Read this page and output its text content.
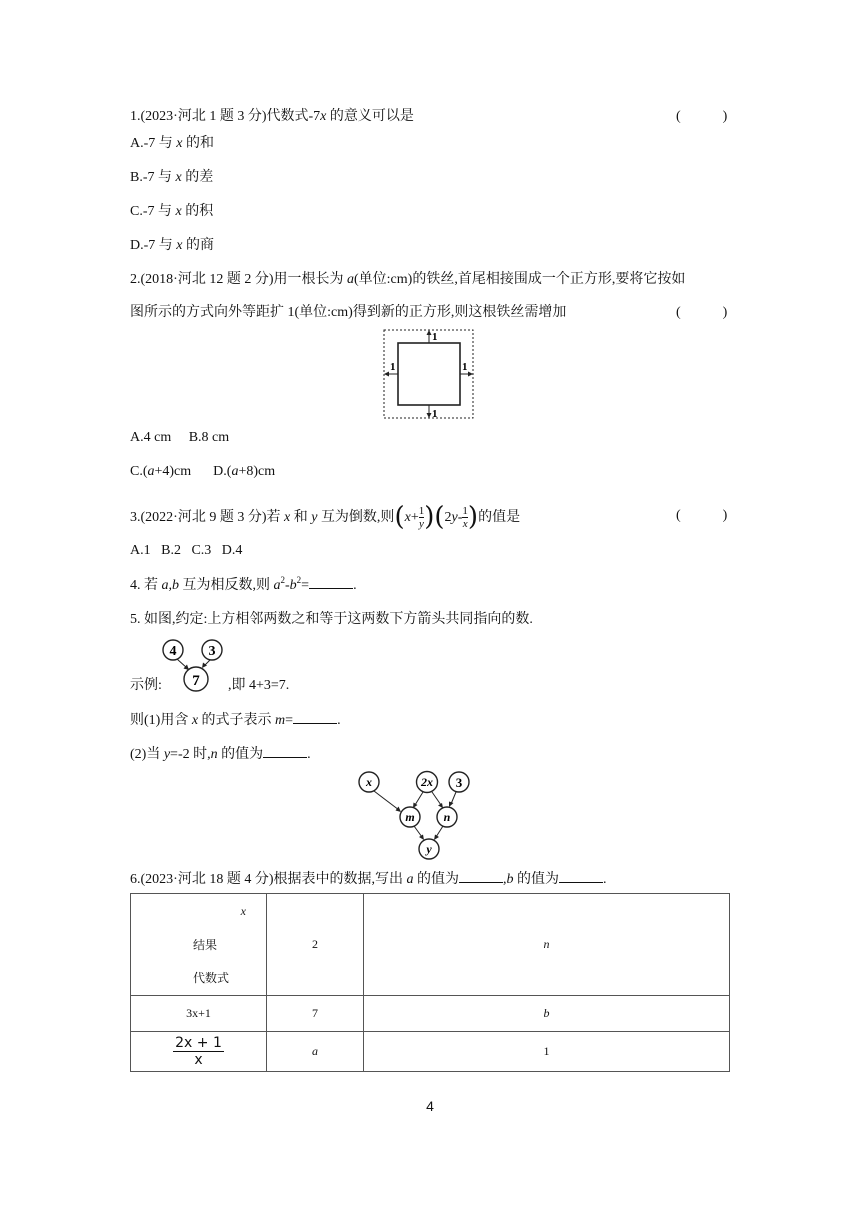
1.(2023·河北 1 题 3 分)代数式-7x 的意义可以是	(            )
A.-7 与 x 的和
B.-7 与 x 的差
C.-7 与 x 的积
D.-7 与 x 的商
2.(2018·河北 12 题 2 分)用一根长为 a(单位:cm)的铁丝,首尾相接围成一个正方形,要将它按如
图所示的方式向外等距扩 1(单位:cm)得到新的正方形,则这根铁丝需增加	(            )
1
1
1	1
A.4 cm     B.8 cm
C.(a+4)cm D.(a+8)cm
3.(2022·河北 9 题 3 分)若 x 和 y 互为倒数,则$(x+ \frac{1}{y} )(2y- \frac{1}{x}$ )的值是	(            )
A.1   B.2   C.3   D.4
4. 若 a,b 互为相反数,则 $a^2-b^2=$	.
5. 如图,约定:上方相邻两数之和等于这两数下方箭头共同指向的数.
4 3
7
示例:	,即 4+3=7.
则(1)用含 x 的式子表示 m=	.
(2)当 y=-2 时,n 的值为	.
x	2x 3
m n
y
6.(2023·河北 18 题 4 分)根据表中的数据,写出 a 的值为	,b 的值为	.
x
结果
代数式	2	n
3x+1	7	b

$\frac{2x + 1}{x}$	a	1
4
